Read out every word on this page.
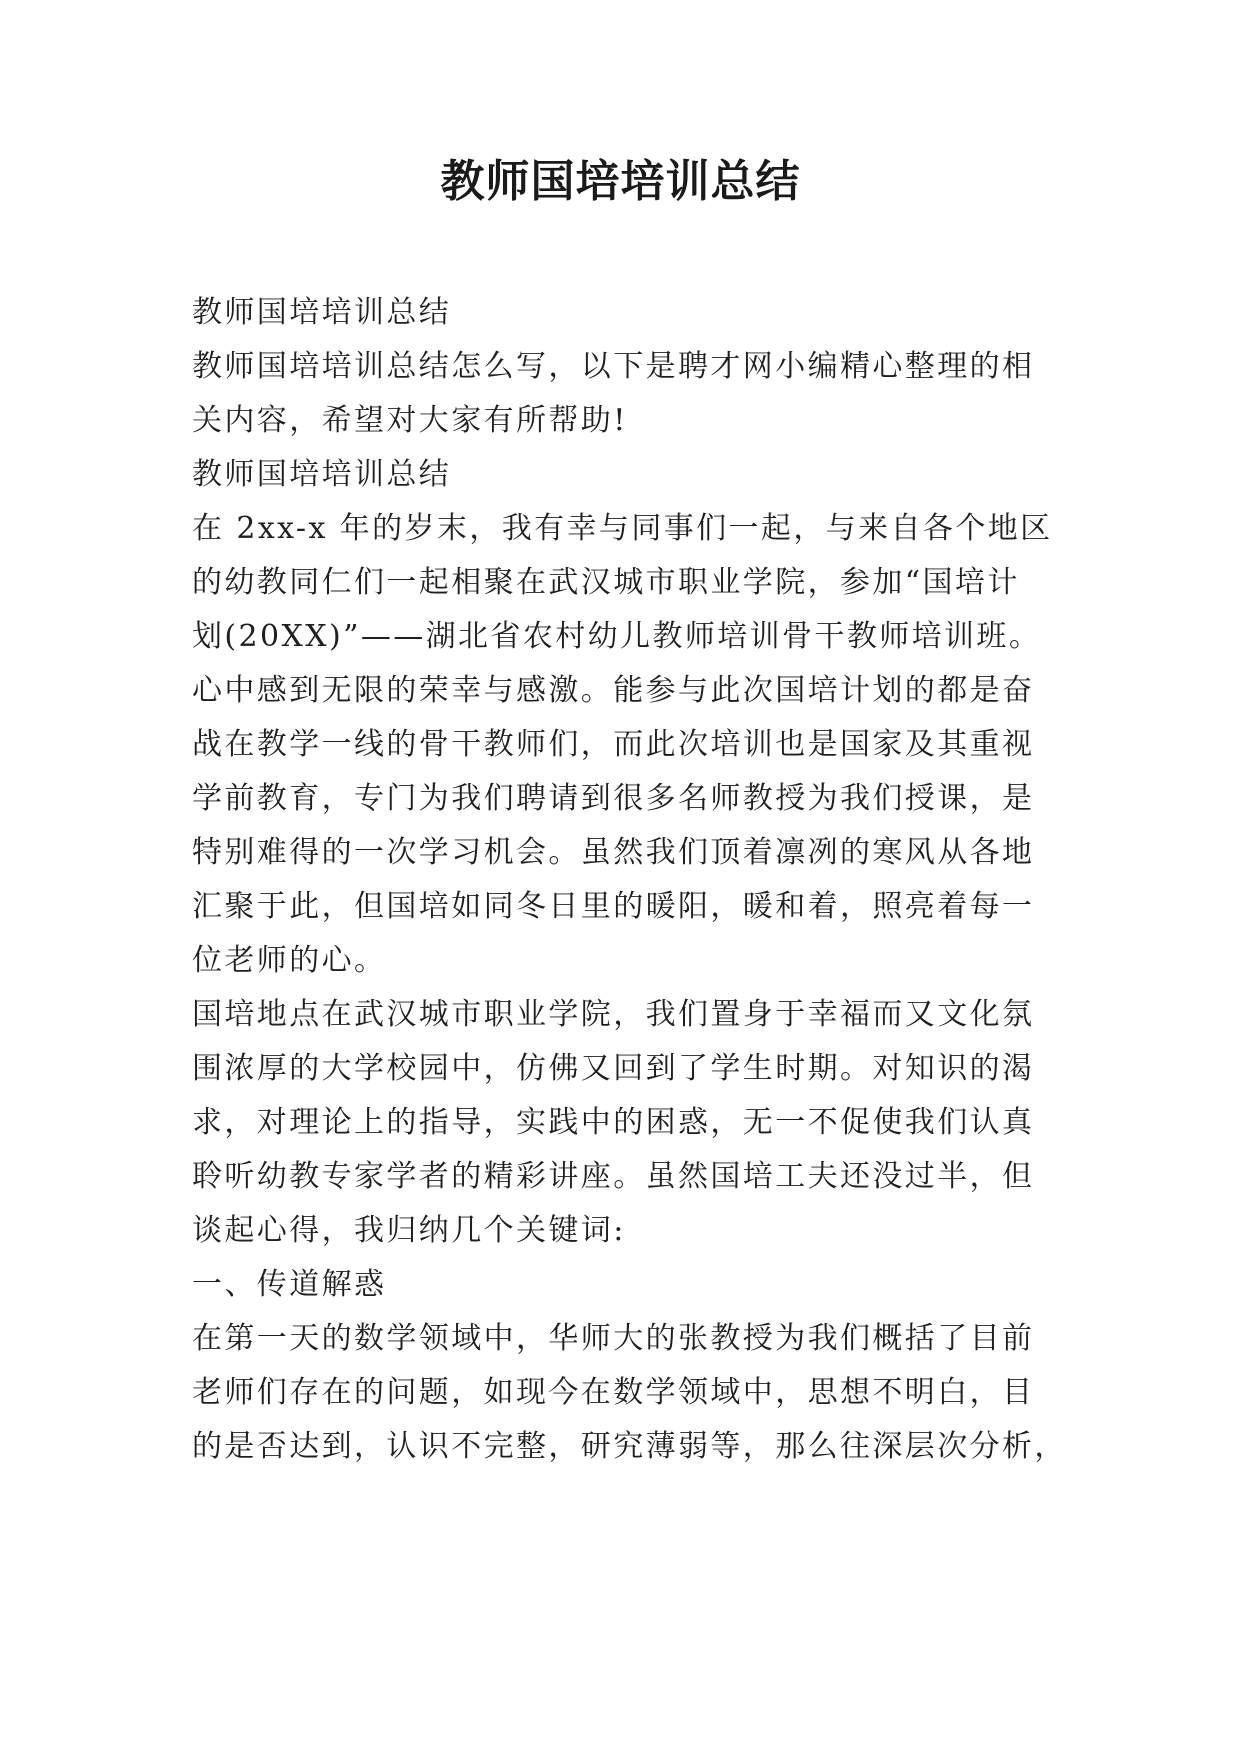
教师国培培训总结

教师国培培训总结

教师国培培训总结怎么写，以下是聘才网小编精心整理的相
关内容，希望对大家有所帮助!

教师国培培训总结

在 2xx-x 年的岁末，我有幸与同事们一起，与来自各个地区
的幼教同仁们一起相聚在武汉城市职业学院，参加“国培计
划(20XX)”——湖北省农村幼儿教师培训骨干教师培训班。
心中感到无限的荣幸与感激。能参与此次国培计划的都是奋
战在教学一线的骨干教师们，而此次培训也是国家及其重视
学前教育，专门为我们聘请到很多名师教授为我们授课，是
特别难得的一次学习机会。虽然我们顶着凛冽的寒风从各地
汇聚于此，但国培如同冬日里的暖阳，暖和着，照亮着每一
位老师的心。

国培地点在武汉城市职业学院，我们置身于幸福而又文化氛
围浓厚的大学校园中，仿佛又回到了学生时期。对知识的渴
求，对理论上的指导，实践中的困惑，无一不促使我们认真
聆听幼教专家学者的精彩讲座。虽然国培工夫还没过半，但
谈起心得，我归纳几个关键词:

一、传道解惑

在第一天的数学领域中，华师大的张教授为我们概括了目前
老师们存在的问题，如现今在数学领域中，思想不明白，目
的是否达到，认识不完整，研究薄弱等，那么往深层次分析，
